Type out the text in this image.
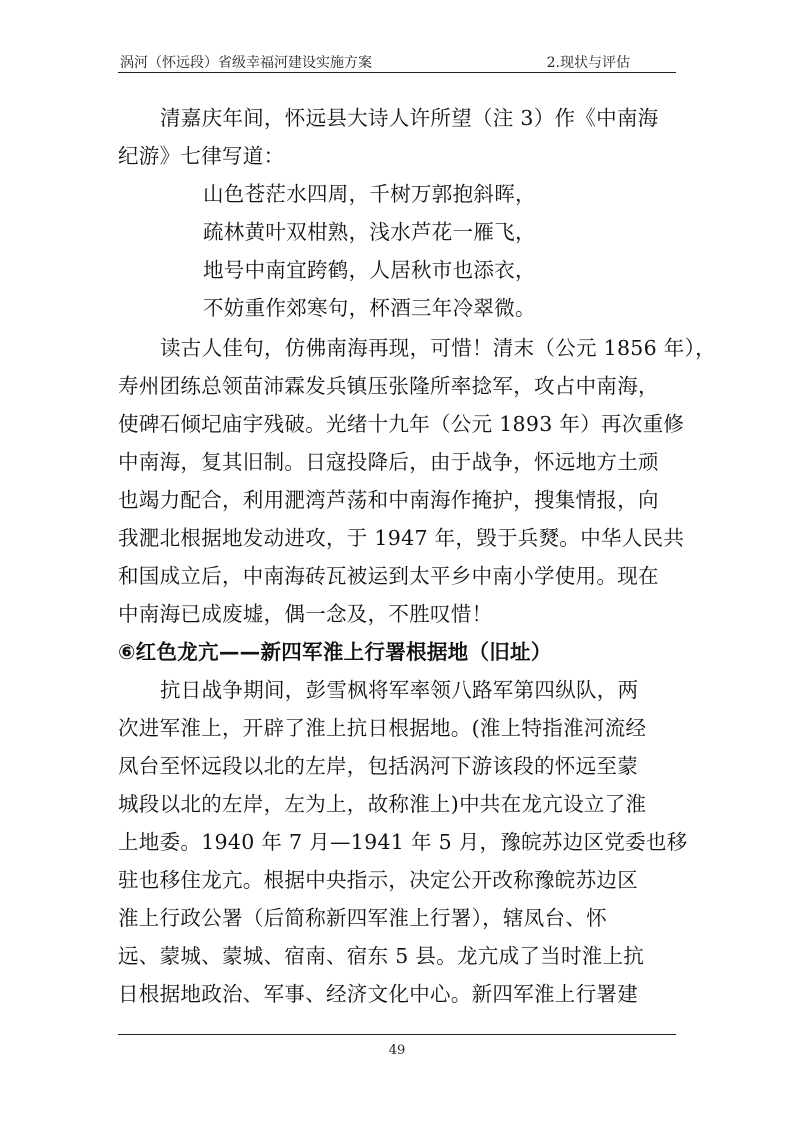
涡河（怀远段）省级幸福河建设实施方案	2.现状与评估

清嘉庆年间，怀远县大诗人许所望（注 3）作《中南海

纪游》七律写道：

山色苍茫水四周，千树万郭抱斜晖，

疏林黄叶双柑熟，浅水芦花一雁飞，

地号中南宜跨鹤，人居秋市也添衣，

不妨重作郊寒句，杯酒三年冷翠微。

读古人佳句，仿佛南海再现，可惜！清末（公元 1856 年），

寿州团练总领苗沛霖发兵镇压张隆所率捻军，攻占中南海，

使碑石倾圮庙宇残破。光绪十九年（公元 1893 年）再次重修

中南海，复其旧制。日寇投降后，由于战争，怀远地方土顽

也竭力配合，利用淝湾芦荡和中南海作掩护，搜集情报，向

我淝北根据地发动进攻，于 1947 年，毁于兵燹。中华人民共

和国成立后，中南海砖瓦被运到太平乡中南小学使用。现在

中南海已成废墟，偶一念及，不胜叹惜！

⑥红色龙亢——新四军淮上行署根据地（旧址）

抗日战争期间，彭雪枫将军率领八路军第四纵队，两

次进军淮上，开辟了淮上抗日根据地。(淮上特指淮河流经

凤台至怀远段以北的左岸，包括涡河下游该段的怀远至蒙

城段以北的左岸，左为上，故称淮上)中共在龙亢设立了淮

上地委。1940 年 7 月—1941 年 5 月，豫皖苏边区党委也移

驻也移住龙亢。根据中央指示，决定公开改称豫皖苏边区

淮上行政公署（后简称新四军淮上行署），辖凤台、怀

远、蒙城、蒙城、宿南、宿东 5 县。龙亢成了当时淮上抗

日根据地政治、军事、经济文化中心。新四军淮上行署建

49
